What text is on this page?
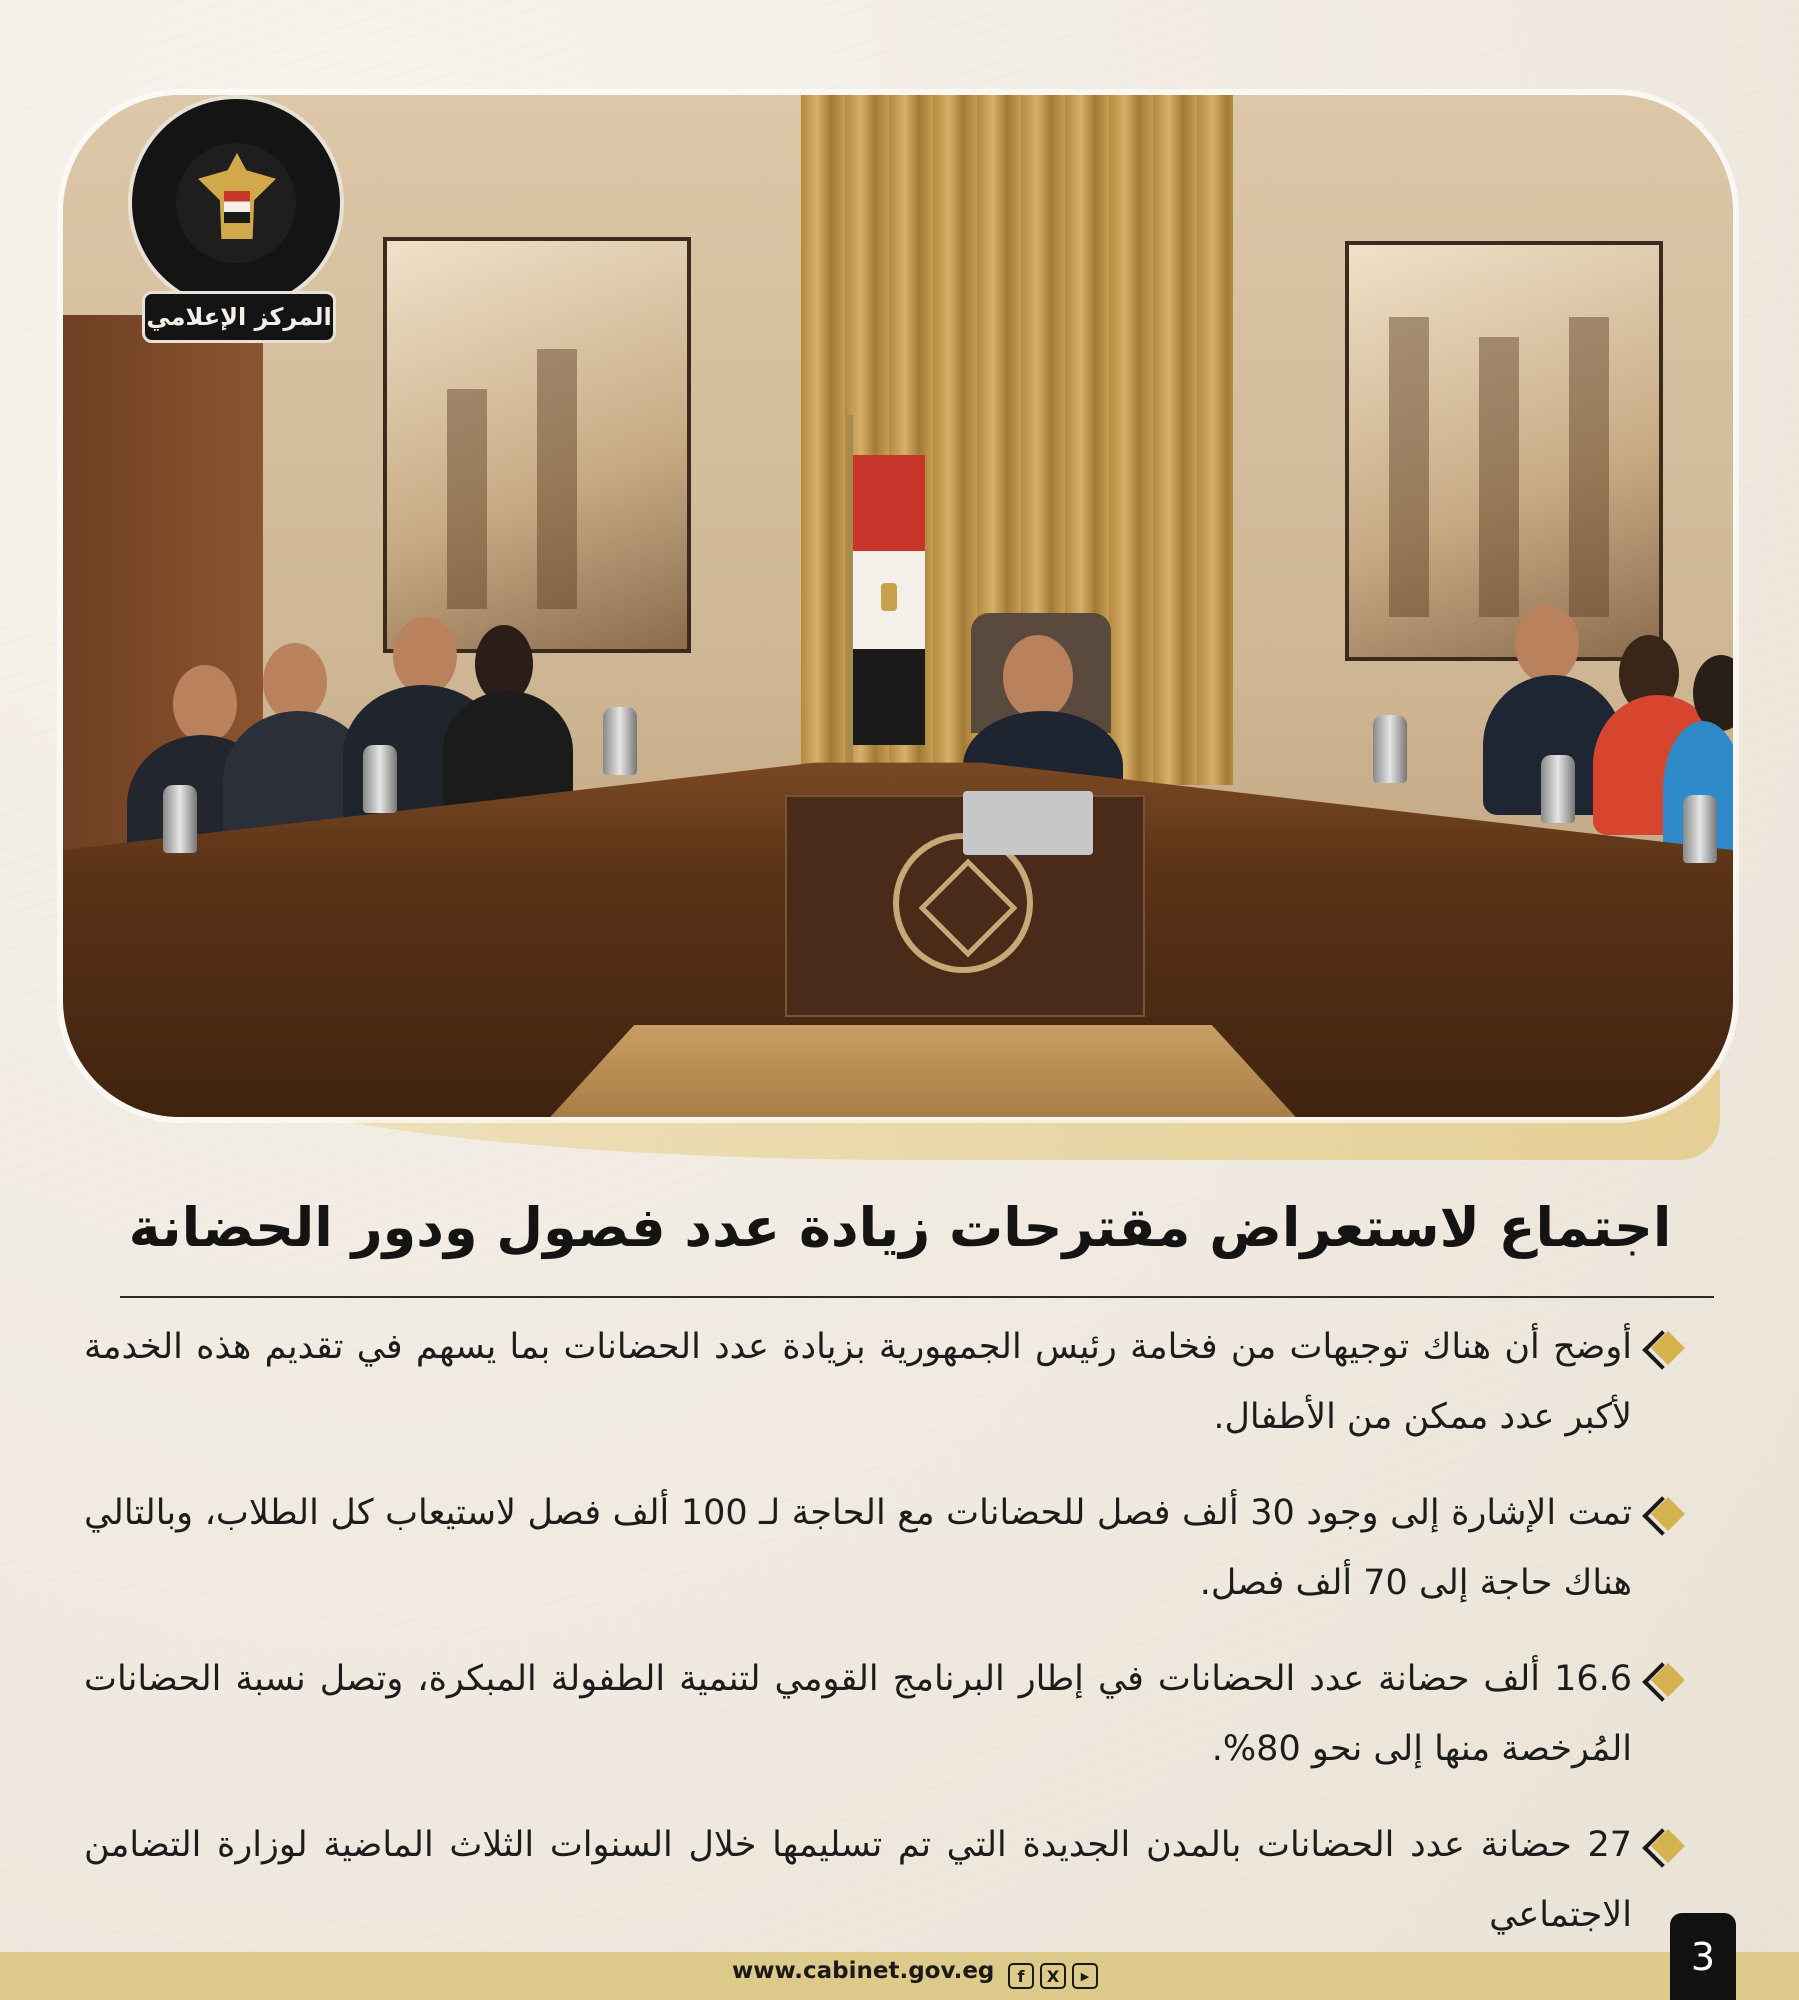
المركز الإعلامي
اجتماع لاستعراض مقترحات زيادة عدد فصول ودور الحضانة
أوضح أن هناك توجيهات من فخامة رئيس الجمهورية بزيادة عدد الحضانات بما يسهم في تقديم هذه الخدمة لأكبر عدد ممكن من الأطفال.
تمت الإشارة إلى وجود 30 ألف فصل للحضانات مع الحاجة لـ 100 ألف فصل لاستيعاب كل الطلاب، وبالتالي هناك حاجة إلى 70 ألف فصل.
16.6 ألف حضانة عدد الحضانات في إطار البرنامج القومي لتنمية الطفولة المبكرة، وتصل نسبة الحضانات المُرخصة منها إلى نحو 80%.
27 حضانة عدد الحضانات بالمدن الجديدة التي تم تسليمها خلال السنوات الثلاث الماضية لوزارة التضامن الاجتماعي
www.cabinet.gov.eg	f	X	▶	3
